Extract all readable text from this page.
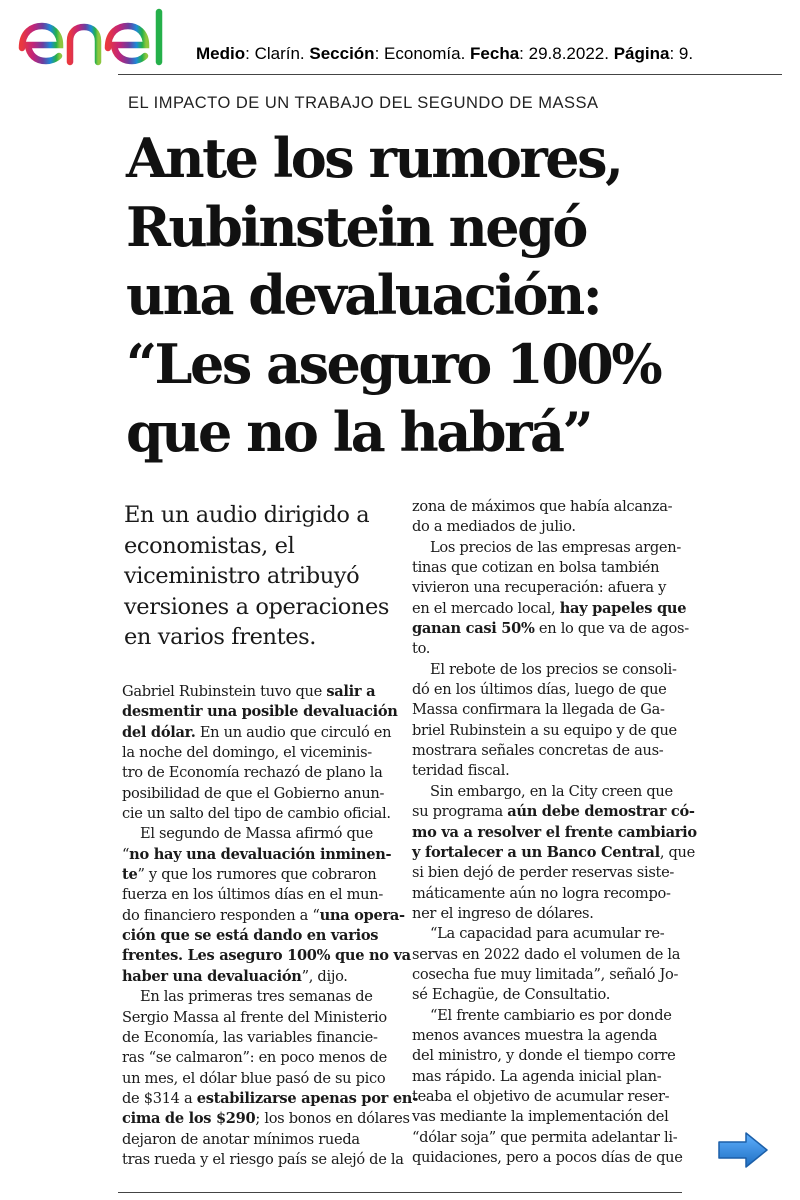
Medio: Clarín. Sección: Economía. Fecha: 29.8.2022. Página: 9.
EL IMPACTO DE UN TRABAJO DEL SEGUNDO DE MASSA
Ante los rumores,
Rubinstein negó
una devaluación:
“Les aseguro 100%
que no la habrá”
En un audio dirigido a
economistas, el
viceministro atribuyó
versiones a operaciones
en varios frentes.
Gabriel Rubinstein tuvo que salir a
desmentir una posible devaluación
del dólar. En un audio que circuló en
la noche del domingo, el viceminis-
tro de Economía rechazó de plano la
posibilidad de que el Gobierno anun-
cie un salto del tipo de cambio oficial.
El segundo de Massa afirmó que
“no hay una devaluación inminen-
te” y que los rumores que cobraron
fuerza en los últimos días en el mun-
do financiero responden a “una opera-
ción que se está dando en varios
frentes. Les aseguro 100% que no va
haber una devaluación”, dijo.
En las primeras tres semanas de
Sergio Massa al frente del Ministerio
de Economía, las variables financie-
ras “se calmaron”: en poco menos de
un mes, el dólar blue pasó de su pico
de $314 a estabilizarse apenas por en-
cima de los $290; los bonos en dólares
dejaron de anotar mínimos rueda
tras rueda y el riesgo país se alejó de la
zona de máximos que había alcanza-
do a mediados de julio.
Los precios de las empresas argen-
tinas que cotizan en bolsa también
vivieron una recuperación: afuera y
en el mercado local, hay papeles que
ganan casi 50% en lo que va de agos-
to.
El rebote de los precios se consoli-
dó en los últimos días, luego de que
Massa confirmara la llegada de Ga-
briel Rubinstein a su equipo y de que
mostrara señales concretas de aus-
teridad fiscal.
Sin embargo, en la City creen que
su programa aún debe demostrar có-
mo va a resolver el frente cambiario
y fortalecer a un Banco Central, que
si bien dejó de perder reservas siste-
máticamente aún no logra recompo-
ner el ingreso de dólares.
“La capacidad para acumular re-
servas en 2022 dado el volumen de la
cosecha fue muy limitada”, señaló Jo-
sé Echagüe, de Consultatio.
“El frente cambiario es por donde
menos avances muestra la agenda
del ministro, y donde el tiempo corre
mas rápido. La agenda inicial plan-
teaba el objetivo de acumular reser-
vas mediante la implementación del
“dólar soja” que permita adelantar li-
quidaciones, pero a pocos días de que
